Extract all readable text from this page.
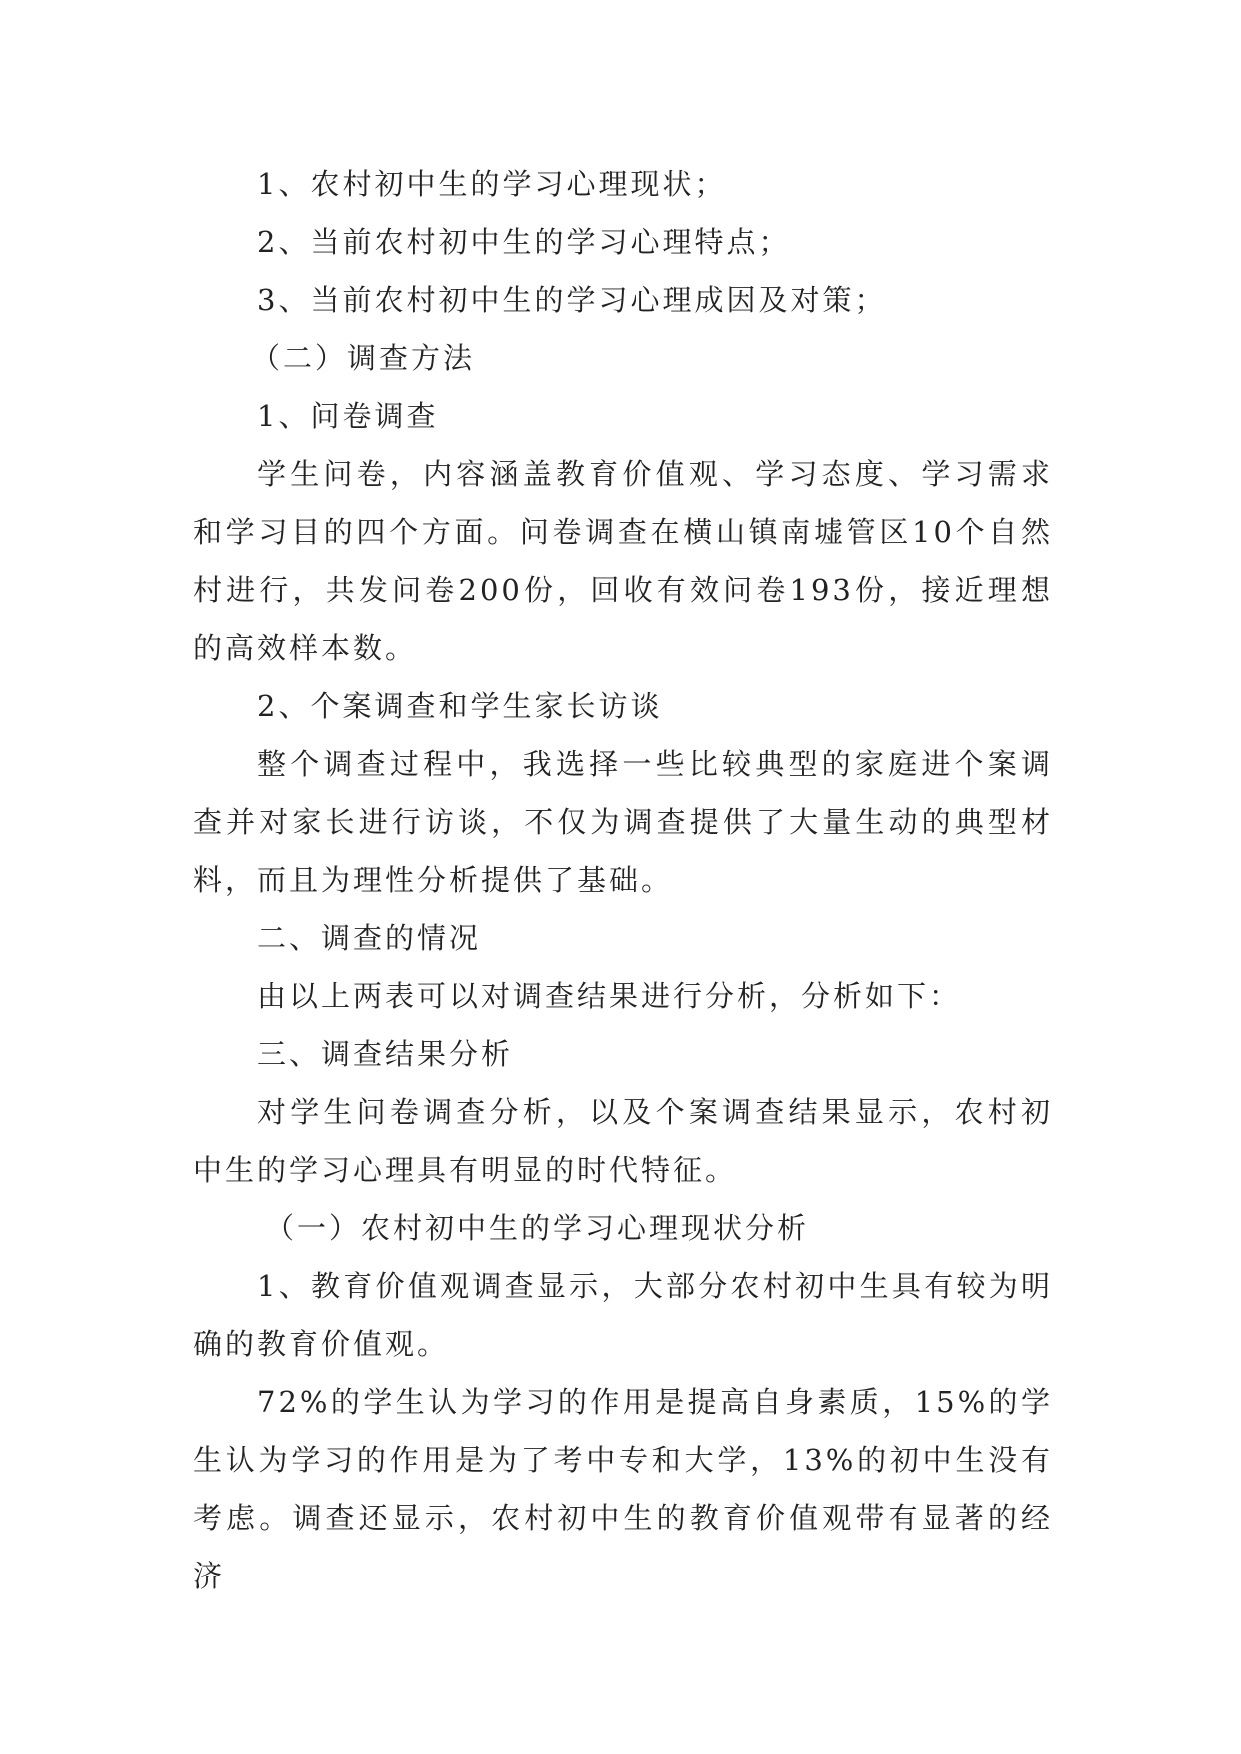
1、农村初中生的学习心理现状；

2、当前农村初中生的学习心理特点；

3、当前农村初中生的学习心理成因及对策；

（二）调查方法

1、问卷调查

学生问卷，内容涵盖教育价值观、学习态度、学习需求和学习目的四个方面。问卷调查在横山镇南墟管区10个自然村进行，共发问卷200份，回收有效问卷193份，接近理想的高效样本数。

2、个案调查和学生家长访谈

整个调查过程中，我选择一些比较典型的家庭进个案调查并对家长进行访谈，不仅为调查提供了大量生动的典型材料，而且为理性分析提供了基础。

二、调查的情况

由以上两表可以对调查结果进行分析，分析如下：

三、调查结果分析

对学生问卷调查分析，以及个案调查结果显示，农村初中生的学习心理具有明显的时代特征。

（一）农村初中生的学习心理现状分析

1、教育价值观调查显示，大部分农村初中生具有较为明确的教育价值观。

72%的学生认为学习的作用是提高自身素质，15%的学生认为学习的作用是为了考中专和大学，13%的初中生没有考虑。调查还显示，农村初中生的教育价值观带有显著的经济
